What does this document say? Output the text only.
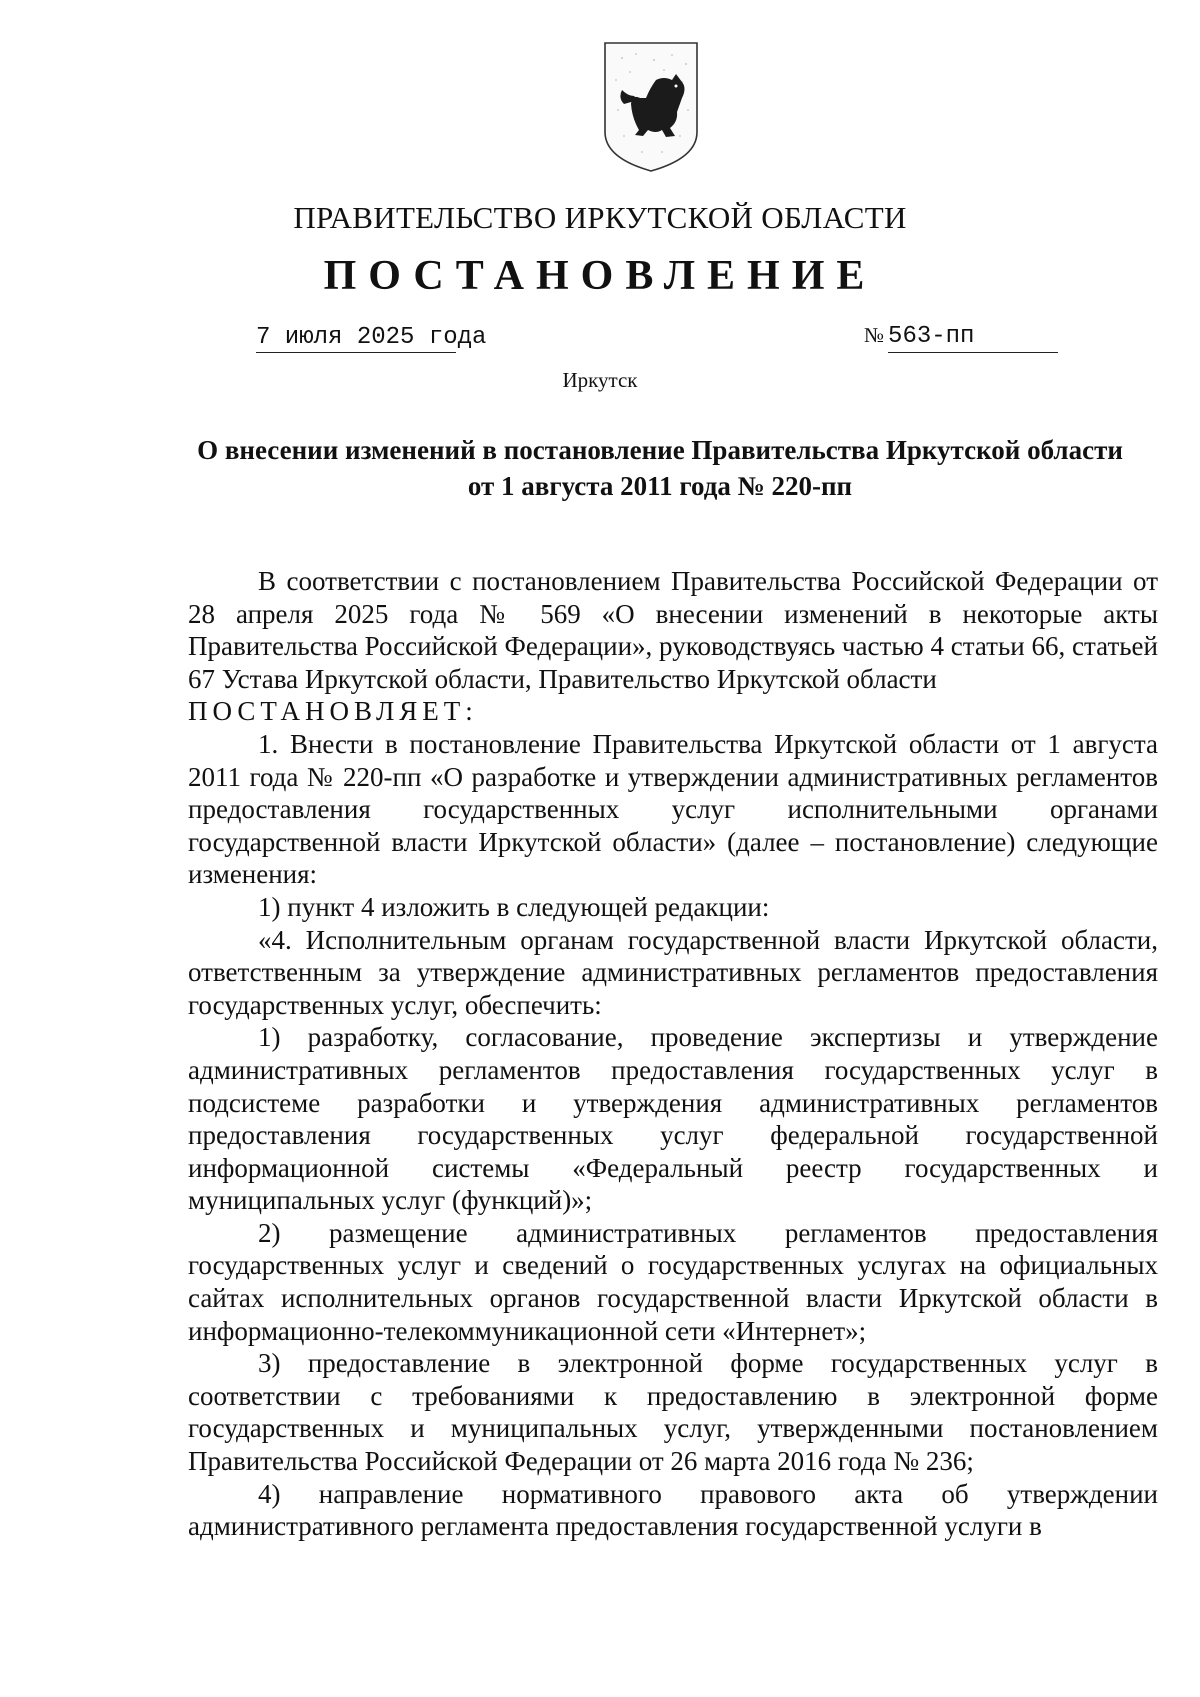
ПРАВИТЕЛЬСТВО ИРКУТСКОЙ ОБЛАСТИ
ПОСТАНОВЛЕНИЕ
7 июля 2025 года	№ 563-пп
Иркутск
О внесении изменений в постановление Правительства Иркутской области
от 1 августа 2011 года № 220-пп

В соответствии с постановлением Правительства Российской Федерации от 28 апреля 2025 года № 569 «О внесении изменений в некоторые акты Правительства Российской Федерации», руководствуясь частью 4 статьи 66, статьей 67 Устава Иркутской области, Правительство Иркутской области

ПОСТАНОВЛЯЕТ:

1. Внести в постановление Правительства Иркутской области от 1 августа 2011 года № 220-пп «О разработке и утверждении административных регламентов предоставления государственных услуг исполнительными органами государственной власти Иркутской области» (далее – постановление) следующие изменения:

1) пункт 4 изложить в следующей редакции:

«4. Исполнительным органам государственной власти Иркутской области, ответственным за утверждение административных регламентов предоставления государственных услуг, обеспечить:

1) разработку, согласование, проведение экспертизы и утверждение административных регламентов предоставления государственных услуг в подсистеме разработки и утверждения административных регламентов предоставления государственных услуг федеральной государственной информационной системы «Федеральный реестр государственных и муниципальных услуг (функций)»;

2) размещение административных регламентов предоставления государственных услуг и сведений о государственных услугах на официальных сайтах исполнительных органов государственной власти Иркутской области в информационно-телекоммуникационной сети «Интернет»;

3) предоставление в электронной форме государственных услуг в соответствии с требованиями к предоставлению в электронной форме государственных и муниципальных услуг, утвержденными постановлением Правительства Российской Федерации от 26 марта 2016 года № 236;

4) направление нормативного правового акта об утверждении административного регламента предоставления государственной услуги в
